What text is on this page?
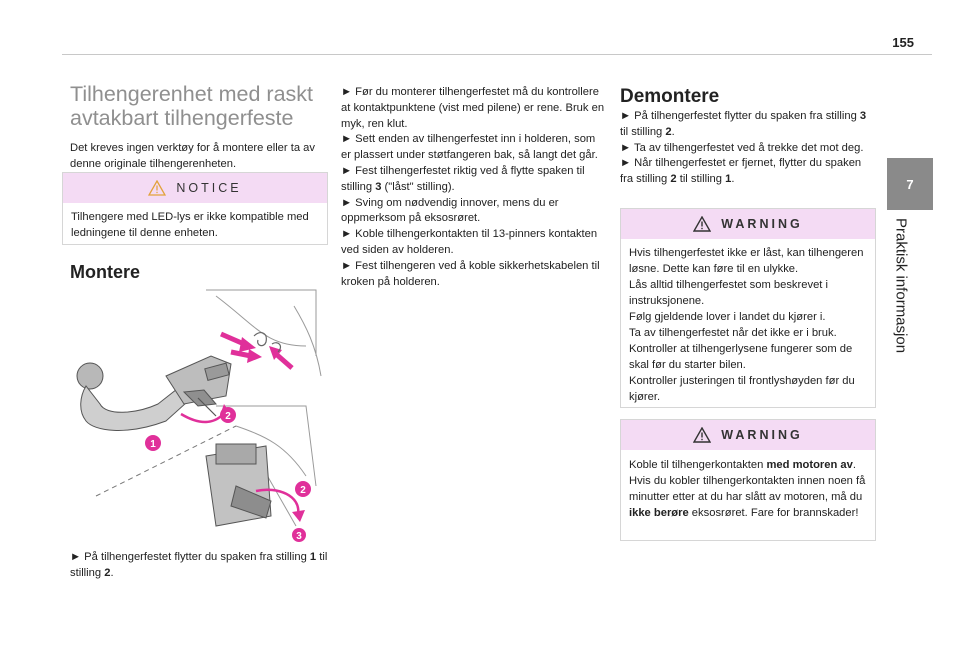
155
7
Praktisk informasjon
Tilhengerenhet med raskt avtakbart tilhengerfeste
Det kreves ingen verktøy for å montere eller ta av denne originale tilhengerenheten.
NOTICE
Tilhengere med LED-lys er ikke kompatible med ledningene til denne enheten.
Montere
2
1
2
3
► På tilhengerfestet flytter du spaken fra stilling 1 til stilling 2.

► Før du monterer tilhengerfestet må du kontrollere at kontaktpunktene (vist med pilene) er rene. Bruk en myk, ren klut.

► Sett enden av tilhengerfestet inn i holderen, som er plassert under støtfangeren bak, så langt det går.

► Fest tilhengerfestet riktig ved å flytte spaken til stilling 3 ("låst" stilling).

► Sving om nødvendig innover, mens du er oppmerksom på eksosrøret.

► Koble tilhengerkontakten til 13-pinners kontakten ved siden av holderen.

► Fest tilhengeren ved å koble sikkerhetskabelen til kroken på holderen.

Demontere

► På tilhengerfestet flytter du spaken fra stilling 3 til stilling 2.

► Ta av tilhengerfestet ved å trekke det mot deg.

► Når tilhengerfestet er fjernet, flytter du spaken fra stilling 2 til stilling 1.

WARNING
Hvis tilhengerfestet ikke er låst, kan tilhengeren løsne. Dette kan føre til en ulykke.
Lås alltid tilhengerfestet som beskrevet i instruksjonene.
Følg gjeldende lover i landet du kjører i.
Ta av tilhengerfestet når det ikke er i bruk.
Kontroller at tilhengerlysene fungerer som de skal før du starter bilen.
Kontroller justeringen til frontlyshøyden før du kjører.
WARNING
Koble til tilhengerkontakten med motoren av. Hvis du kobler tilhengerkontakten innen noen få minutter etter at du har slått av motoren, må du ikke berøre eksosrøret. Fare for brannskader!
